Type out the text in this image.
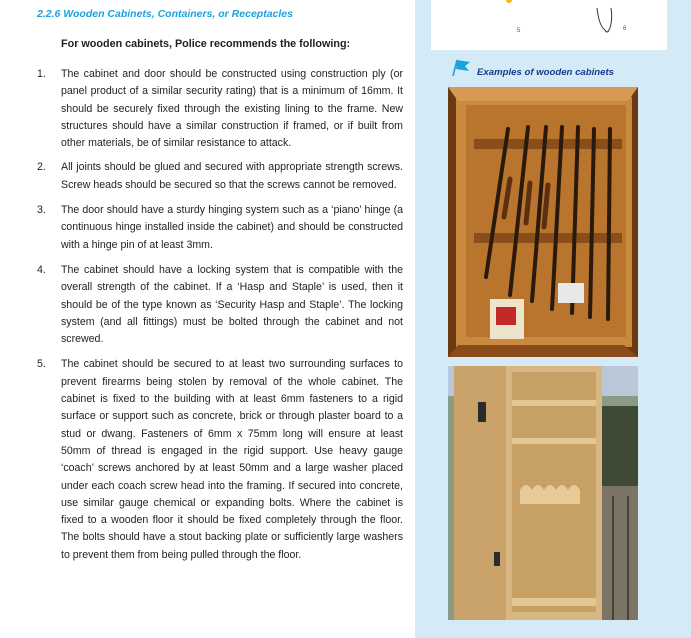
2.2.6 Wooden Cabinets, Containers, or Receptacles
For wooden cabinets, Police recommends the following:
1.	The cabinet and door should be constructed using construction ply (or panel product of a similar security rating) that is a minimum of 16mm. It should be securely fixed through the existing lining to the frame. New structures should have a similar construction if framed, or if built from other materials, be of similar resistance to attack.
2.	All joints should be glued and secured with appropriate strength screws. Screw heads should be secured so that the screws cannot be removed.
3.	The door should have a sturdy hinging system such as a ‘piano’ hinge (a continuous hinge installed inside the cabinet) and should be constructed with a hinge pin of at least 3mm.
4.	The cabinet should have a locking system that is compatible with the overall strength of the cabinet. If a ‘Hasp and Staple’ is used, then it should be of the type known as ‘Security Hasp and Staple’. The locking system (and all fittings) must be bolted through the cabinet and not screwed.
5.	The cabinet should be secured to at least two surrounding surfaces to prevent firearms being stolen by removal of the whole cabinet. The cabinet is fixed to the building with at least 6mm fasteners to a rigid surface or support such as concrete, brick or through plaster board to a stud or dwang. Fasteners of 6mm x 75mm long will ensure at least 50mm of thread is engaged in the rigid support. Use heavy gauge ‘coach’ screws anchored by at least 50mm and a large washer placed under each coach screw head into the framing. If secured into concrete, use similar gauge chemical or expanding bolts. Where the cabinet is fixed to a wooden floor it should be fixed completely through the floor. The bolts should have a stout backing plate or sufficiently large washers to prevent them from being pulled through the floor.
5	6
Examples of wooden cabinets
